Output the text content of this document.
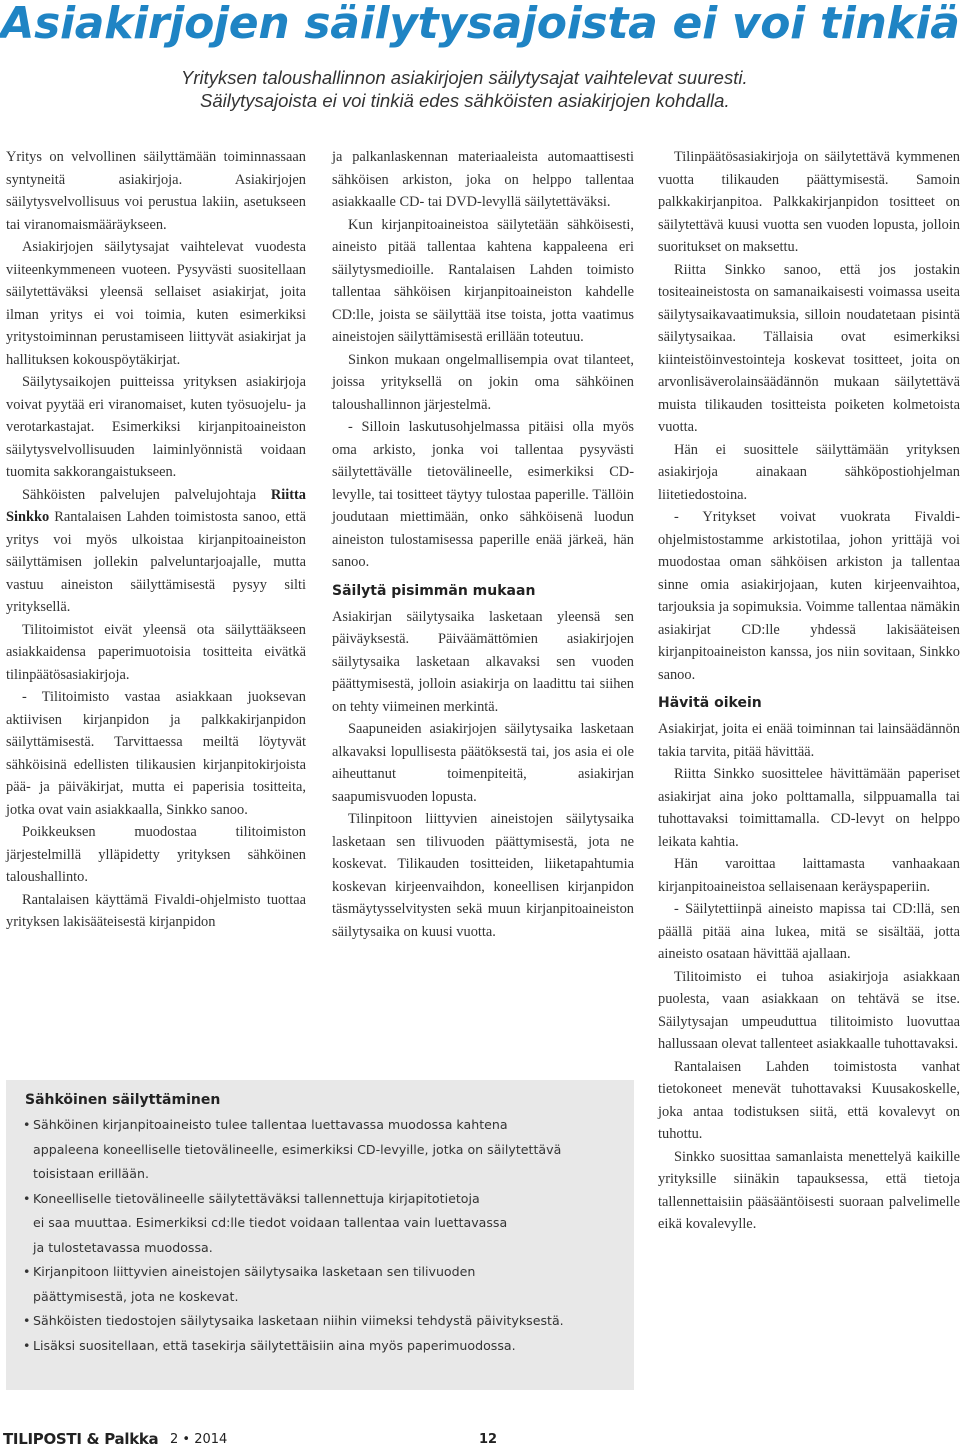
Asiakirjojen säilytysajoista ei voi tinkiä

Yrityksen taloushallinnon asiakirjojen säilytysajat vaihtelevat suuresti.

Säilytysajoista ei voi tinkiä edes sähköisten asiakirjojen kohdalla.

Yritys on velvollinen säilyttämään toiminnassaan syntyneitä asiakirjoja. Asiakirjojen säilytysvelvollisuus voi perustua lakiin, asetukseen tai viranomaismääräykseen.

Asiakirjojen säilytysajat vaihtelevat vuodesta viiteenkymmeneen vuoteen. Pysyvästi suositellaan säilytettäväksi yleensä sellaiset asiakirjat, joita ilman yritys ei voi toimia, kuten esimerkiksi yritystoiminnan perustamiseen liittyvät asiakirjat ja hallituksen kokouspöytäkirjat.

Säilytysaikojen puitteissa yrityksen asiakirjoja voivat pyytää eri viranomaiset, kuten työsuojelu- ja verotarkastajat. Esimerkiksi kirjanpitoaineiston säilytysvelvollisuuden laiminlyönnistä voidaan tuomita sakkorangaistukseen.

Sähköisten palvelujen palvelujohtaja Riitta Sinkko Rantalaisen Lahden toimistosta sanoo, että yritys voi myös ulkoistaa kirjanpitoaineiston säilyttämisen jollekin palveluntarjoajalle, mutta vastuu aineiston säilyttämisestä pysyy silti yrityksellä.

Tilitoimistot eivät yleensä ota säilyttääkseen asiakkaidensa paperimuotoisia tositteita eivätkä tilinpäätösasiakirjoja.

- Tilitoimisto vastaa asiakkaan juoksevan aktiivisen kirjanpidon ja palkkakirjanpidon säilyttämisestä. Tarvittaessa meiltä löytyvät sähköisinä edellisten tilikausien kirjanpitokirjoista pää- ja päiväkirjat, mutta ei paperisia tositteita, jotka ovat vain asiakkaalla, Sinkko sanoo.

Poikkeuksen muodostaa tilitoimiston järjestelmillä ylläpidetty yrityksen sähköinen taloushallinto.

Rantalaisen käyttämä Fivaldi-ohjelmisto tuottaa yrityksen lakisääteisestä kirjanpidon

ja palkanlaskennan materiaaleista automaattisesti sähköisen arkiston, joka on helppo tallentaa asiakkaalle CD- tai DVD-levyllä säilytettäväksi.

Kun kirjanpitoaineistoa säilytetään sähköisesti, aineisto pitää tallentaa kahtena kappaleena eri säilytysmedioille. Rantalaisen Lahden toimisto tallentaa sähköisen kirjanpitoaineiston kahdelle CD:lle, joista se säilyttää itse toista, jotta vaatimus aineistojen säilyttämisestä erillään toteutuu.

Sinkon mukaan ongelmallisempia ovat tilanteet, joissa yrityksellä on jokin oma sähköinen taloushallinnon järjestelmä.

- Silloin laskutusohjelmassa pitäisi olla myös oma arkisto, jonka voi tallentaa pysyvästi säilytettävälle tietovälineelle, esimerkiksi CD-levylle, tai tositteet täytyy tulostaa paperille. Tällöin joudutaan miettimään, onko sähköisenä luodun aineiston tulostamisessa paperille enää järkeä, hän sanoo.

Säilytä pisimmän mukaan

Asiakirjan säilytysaika lasketaan yleensä sen päiväyksestä. Päiväämättömien asiakirjojen säilytysaika lasketaan alkavaksi sen vuoden päättymisestä, jolloin asiakirja on laadittu tai siihen on tehty viimeinen merkintä.

Saapuneiden asiakirjojen säilytysaika lasketaan alkavaksi lopullisesta päätöksestä tai, jos asia ei ole aiheuttanut toimenpiteitä, asiakirjan saapumisvuoden lopusta.

Tilinpitoon liittyvien aineistojen säilytysaika lasketaan sen tilivuoden päättymisestä, jota ne koskevat. Tilikauden tositteiden, liiketapahtumia koskevan kirjeenvaihdon, koneellisen kirjanpidon täsmäytysselvitysten sekä muun kirjanpitoaineiston säilytysaika on kuusi vuotta.

Tilinpäätösasiakirjoja on säilytettävä kymmenen vuotta tilikauden päättymisestä. Samoin palkkakirjanpitoa. Palkkakirjanpidon tositteet on säilytettävä kuusi vuotta sen vuoden lopusta, jolloin suoritukset on maksettu.

Riitta Sinkko sanoo, että jos jostakin tositeaineistosta on samanaikaisesti voimassa useita säilytysaikavaatimuksia, silloin noudatetaan pisintä säilytysaikaa. Tällaisia ovat esimerkiksi kiinteistöinvestointeja koskevat tositteet, joita on arvonlisäverolainsäädännön mukaan säilytettävä muista tilikauden tositteista poiketen kolmetoista vuotta.

Hän ei suosittele säilyttämään yrityksen asiakirjoja ainakaan sähköpostiohjelman liitetiedostoina.

- Yritykset voivat vuokrata Fivaldi-ohjelmistostamme arkistotilaa, johon yrittäjä voi muodostaa oman sähköisen arkiston ja tallentaa sinne omia asiakirjojaan, kuten kirjeenvaihtoa, tarjouksia ja sopimuksia. Voimme tallentaa nämäkin asiakirjat CD:lle yhdessä lakisääteisen kirjanpitoaineiston kanssa, jos niin sovitaan, Sinkko sanoo.

Hävitä oikein

Asiakirjat, joita ei enää toiminnan tai lainsäädännön takia tarvita, pitää hävittää.

Riitta Sinkko suosittelee hävittämään paperiset asiakirjat aina joko polttamalla, silppuamalla tai tuhottavaksi toimittamalla. CD-levyt on helppo leikata kahtia.

Hän varoittaa laittamasta vanhaakaan kirjanpitoaineistoa sellaisenaan keräyspaperiin.

- Säilytettiinpä aineisto mapissa tai CD:llä, sen päällä pitää aina lukea, mitä se sisältää, jotta aineisto osataan hävittää ajallaan.

Tilitoimisto ei tuhoa asiakirjoja asiakkaan puolesta, vaan asiakkaan on tehtävä se itse. Säilytysajan umpeuduttua tilitoimisto luovuttaa hallussaan olevat tallenteet asiakkaalle tuhottavaksi.

Rantalaisen Lahden toimistosta vanhat tietokoneet menevät tuhottavaksi Kuusakoskelle, joka antaa todistuksen siitä, että kovalevyt on tuhottu.

Sinkko suosittaa samanlaista menettelyä kaikille yrityksille siinäkin tapauksessa, että tietoja tallennettaisiin pääsääntöisesti suoraan palvelimelle eikä kovalevylle.

Sähköinen säilyttäminen
• Sähköinen kirjanpitoaineisto tulee tallentaa luettavassa muodossa kahtena
appaleena koneelliselle tietovälineelle, esimerkiksi CD-levyille, jotka on säilytettävä
toisistaan erillään.
• Koneelliselle tietovälineelle säilytettäväksi tallennettuja kirjapitotietoja
ei saa muuttaa. Esimerkiksi cd:lle tiedot voidaan tallentaa vain luettavassa
ja tulostetavassa muodossa.
• Kirjanpitoon liittyvien aineistojen säilytysaika lasketaan sen tilivuoden
päättymisestä, jota ne koskevat.
• Sähköisten tiedostojen säilytysaika lasketaan niihin viimeksi tehdystä päivityksestä.
• Lisäksi suositellaan, että tasekirja säilytettäisiin aina myös paperimuodossa.
TILIPOSTI & Palkka 2 • 2014	12
